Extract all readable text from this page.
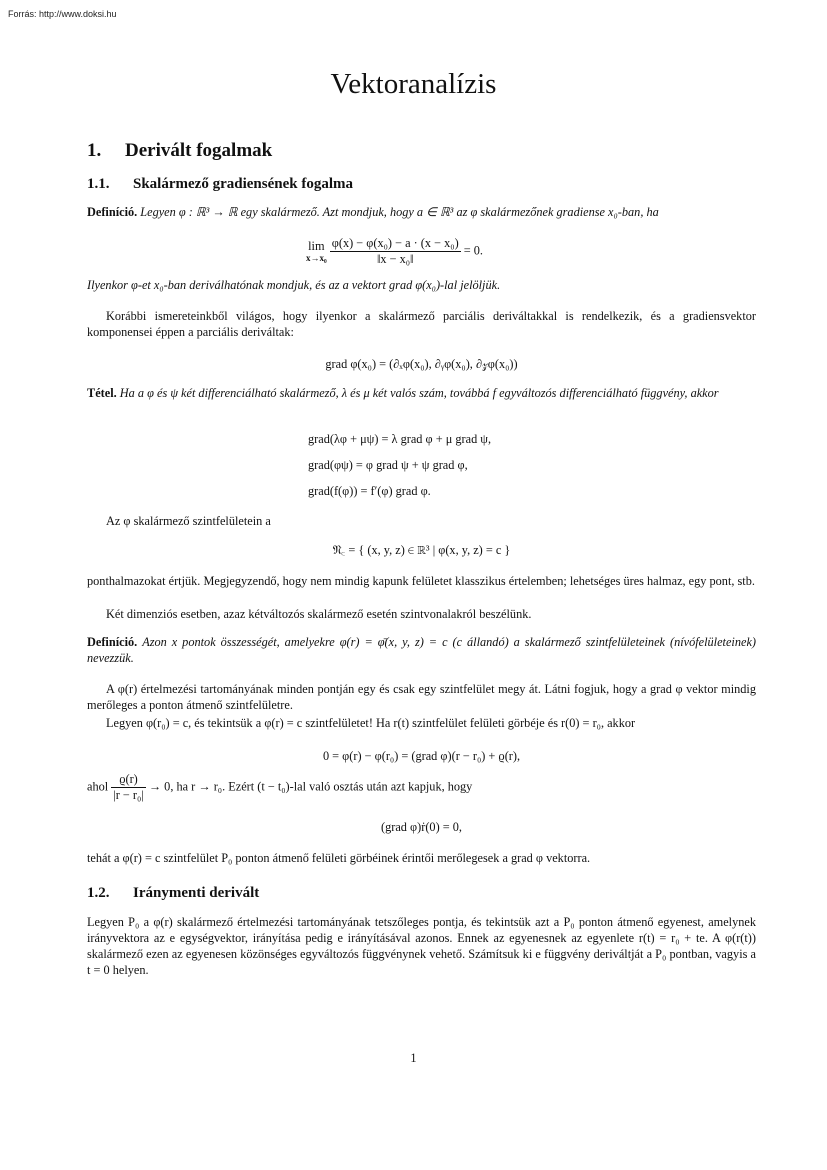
Forrás: http://www.doksi.hu
Vektoranalízis
1. Derivált fogalmak
1.1. Skalármező gradiensének fogalma
Definíció. Legyen φ : ℝ³ → ℝ egy skalármező. Azt mondjuk, hogy a ∈ ℝ³ az φ skalármezőnek gradiense x₀-ban, ha
lim
x→x₀
$\frac{\text{φ(x) − φ(x₀) − a · (x − x₀)}}{\text{‖x − x₀‖}} = 0$.
Ilyenkor φ-et x₀-ban deriválhatónak mondjuk, és az a vektort grad φ(x₀)-lal jelöljük.
Korábbi ismereteinkből világos, hogy ilyenkor a skalármező parciális deriváltakkal is rendelkezik, és a gradiensvektor komponensei éppen a parciális deriváltak:
grad φ(x₀) = (∂ₓφ(x₀), ∂ᵧφ(x₀), ∂𝓏φ(x₀))
Tétel. Ha a φ és ψ két differenciálható skalármező, λ és μ két valós szám, továbbá f egyváltozós differenciálható függvény, akkor
grad(λφ + μψ) = λ grad φ + μ grad ψ,
grad(φψ) = φ grad ψ + ψ grad φ,
grad(f(φ)) = f′(φ) grad φ.
Az φ skalármező szintfelületein a
𝔑꜀ = { (x, y, z) ∈ ℝ³ | φ(x, y, z) = c }
ponthalmazokat értjük. Megjegyzendő, hogy nem mindig kapunk felületet klasszikus értelemben; lehetséges üres halmaz, egy pont, stb.
Két dimenziós esetben, azaz kétváltozós skalármező esetén szintvonalakról beszélünk.
Definíció. Azon x pontok összességét, amelyekre φ(r) = φ̄(x, y, z) = c (c állandó) a skalármező szintfelületeinek (nívófelületeinek) nevezzük.
A φ(r) értelmezési tartományának minden pontján egy és csak egy szintfelület megy át. Látni fogjuk, hogy a grad φ vektor mindig merőleges a ponton átmenő szintfelületre.
Legyen φ(r₀) = c, és tekintsük a φ(r) = c szintfelületet! Ha r(t) szintfelület felületi görbéje és r(0) = r₀, akkor
0 = φ(r) − φ(r₀) = (grad φ)(r − r₀) + ϱ(r),
ahol $\frac{ϱ(r)}{\text{|r − r₀|}} \to 0$, ha r → r₀. Ezért (t − t₀)-lal való osztás után azt kapjuk, hogy
(grad φ)ṙ(0) = 0,
tehát a φ(r) = c szintfelület P₀ ponton átmenő felületi görbéinek érintői merőlegesek a grad φ vektorra.
1.2. Iránymenti derivált
Legyen P₀ a φ(r) skalármező értelmezési tartományának tetszőleges pontja, és tekintsük azt a P₀ ponton átmenő egyenest, amelynek irányvektora az e egységvektor, irányítása pedig e irányításával azonos. Ennek az egyenesnek az egyenlete r(t) = r₀ + te. A φ(r(t)) skalármező ezen az egyenesen közönséges egyváltozós függvénynek vehető. Számítsuk ki e függvény deriváltját a P₀ pontban, vagyis a t = 0 helyen.
1
